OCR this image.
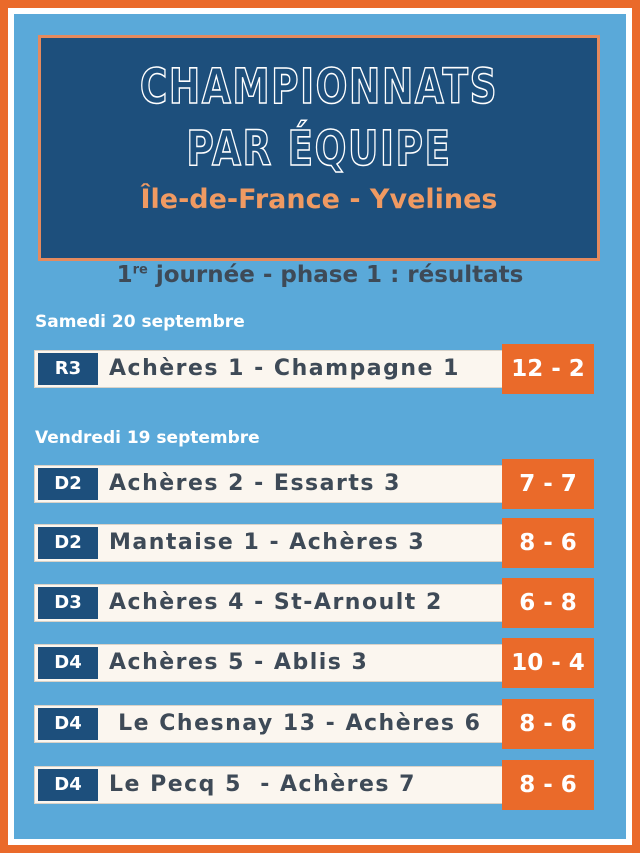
CHAMPIONNATS
PAR ÉQUIPE
Île-de-France - Yvelines
1re journée - phase 1 : résultats
Samedi 20 septembre
R3	Achères 1 - Champagne 1	12 - 2
Vendredi 19 septembre
D2	Achères 2 - Essarts 3	7 - 7
D2	Mantaise 1 - Achères 3	8 - 6
D3	Achères 4 - St-Arnoult 2	6 - 8
D4	Achères 5 - Ablis 3	10 - 4
D4	Le Chesnay 13 - Achères 6	8 - 6
D4	Le Pecq 5  - Achères 7	8 - 6
